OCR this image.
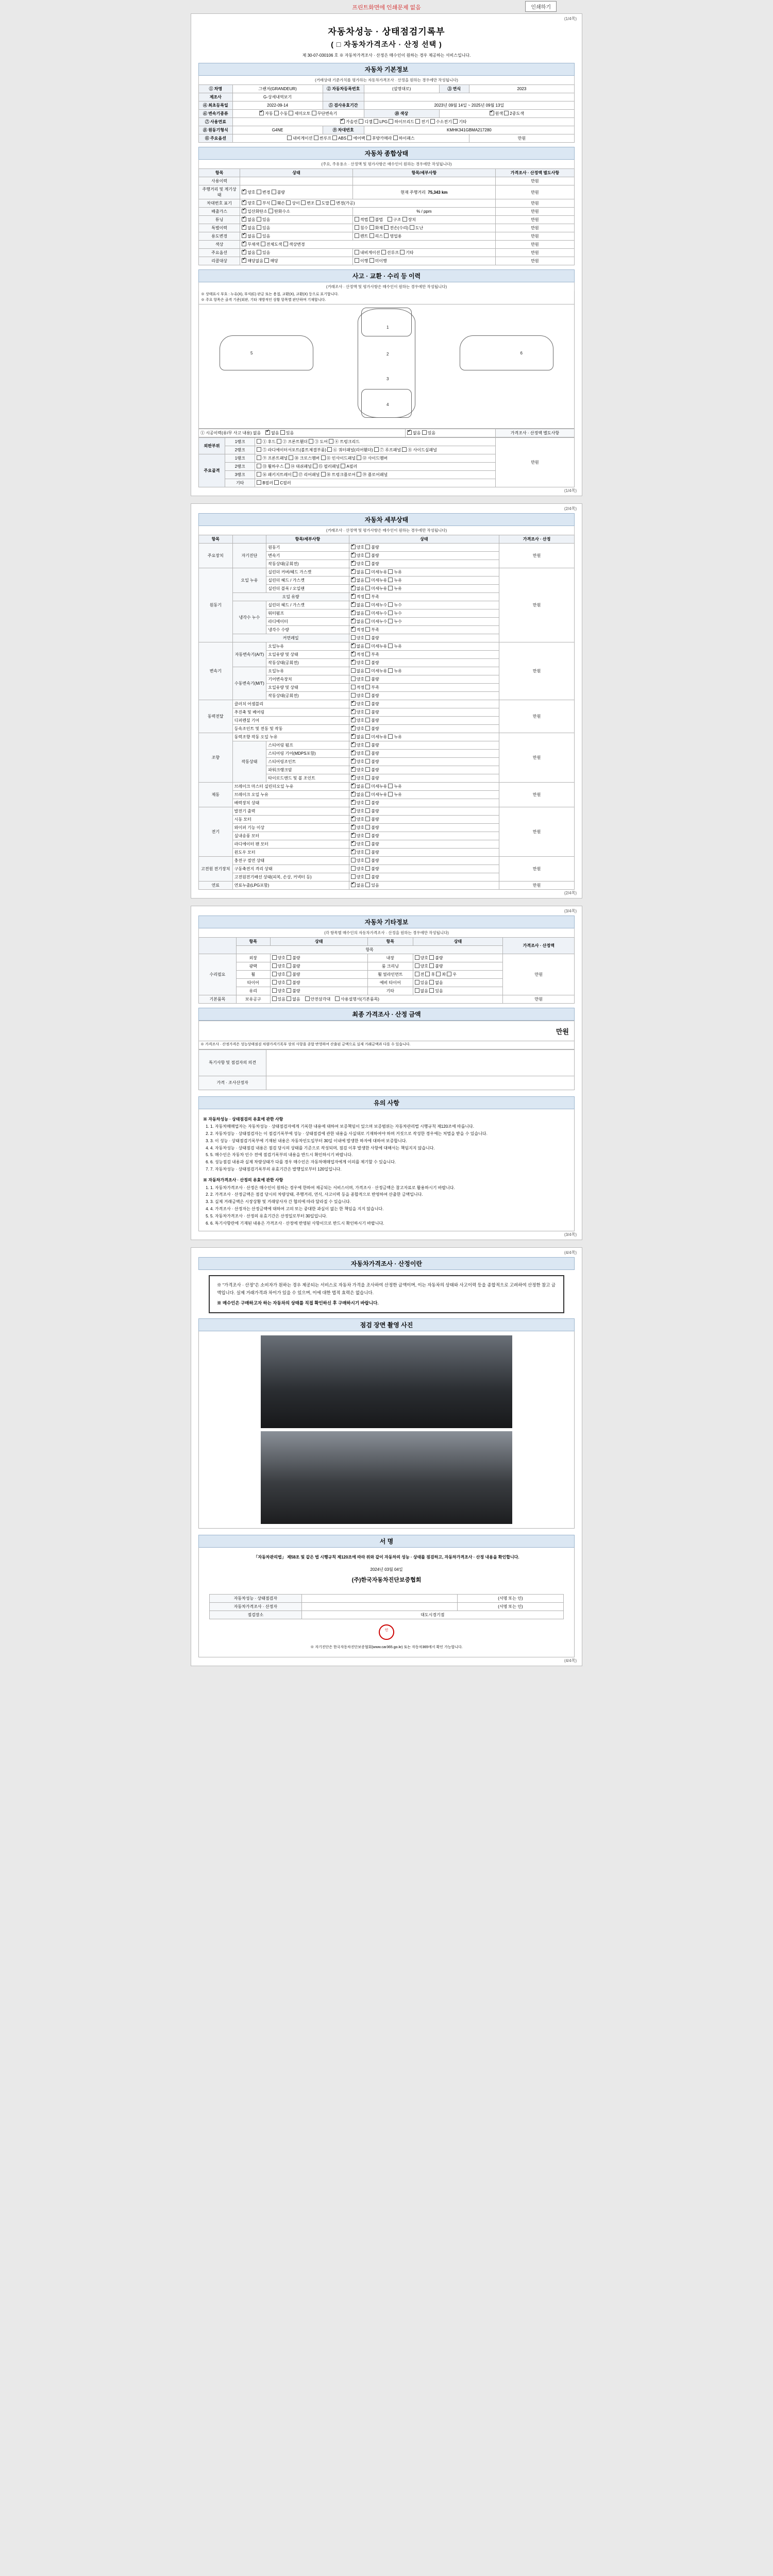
프린트화면에 인쇄문제 없음	인쇄하기
(1/4쪽)
자동차성능 · 상태점검기록부
( □ 자동차가격조사 · 산정 선택 )
제 30-07-030106 호 ※ 자동차가격조사 · 산정은 매수인이 원하는 경우 제공하는 서비스입니다.
자동차 기본정보
(거래상대 기준가치를 평가하는 자동차가격조사 · 산정을 원하는 경우에만 작성됩니다)
① 차명	그랜저(GRANDEUR)	② 자동차등록번호	(설명대로)	③ 연식	2023
제조사	G-상세내역보기				
④ 최초등록일	2022-09-14	⑤ 검사유효기간	2023년 09월 14일 ~ 2025년 09월 13일		
⑥ 변속기종류	✔자동 수동 세미오토 무단변속기		⑩ 색상	✔원색 2중도색
⑦ 사용연료	✔가솔린 디젤 LPG 하이브리드 전기 수소전기 기타
⑧ 원동기형식	G4NE	⑨ 차대번호	KMHK341GBMA217280		
⑪ 주요옵션	내비게이션 썬루프 ABS 에어백 후방카메라 하이패스				만원
자동차 종합상태
(주요, 주유용소 · 산정액 및 평가사항은 매수인이 원하는 경우에만 작성됩니다)
항목	상태	항목/세부사항	가격조사 · 산정액 별도사항
사용이력			만원
주행거리 및 계기상태	✔양호 변경 불량	현재 주행거리 75,343 km	만원
차대번호 표기	✔양호 부식 훼손 상이 변조 도말 변경(가공)		만원
배출가스	✔일산화탄소 탄화수소	% / ppm	만원
튜닝	✔없음 있음	적법 불법    구조 장치	만원
특별이력	✔없음 있음	침수 화재 전손(수리) 도난	만원
용도변경	✔없음 있음	렌트 리스 영업용	만원
색상	✔무채색 전체도색 색상변경		만원
주요옵션	✔없음 있음	내비게이션 선루프 기타	만원
리콜대상	✔해당없음 해당	이행 미이행	만원
사고 · 교환 · 수리 등 이력
(거래조사 · 산정액 및 평가사항은 매수인이 원하는 경우에만 작성됩니다)
※ 상태표시 부호 : 누유(X), 부식(C) 판금 또는 용접, 교환(X), 교환(X) 등으로 표기합니다.
※ 주요 항목은 골격 기준(외판, 기타 개방적인 상황 항목별 판단하며 기재합니다.
1
2
3
4
5	6
① 시공이력(유/무 사고 내용) 없음 ✔ 없음 있음	✔없음 있음	가격조사 · 산정액 별도사항
외판부위	1랭크	① 후드 ② 프론트휀더 ③ 도어 ④ 트렁크리드	만원
	2랭크	⑤ 라디에이터서포트(볼트체결부품) ⑥ 쿼터패널(리어휀더) ⑦ 루프패널 ⑧ 사이드실패널	
주요골격	1랭크	⑨ 프론트패널 ⑩ 크로스멤버 ⑪ 인사이드패널 ⑫ 사이드멤버	
	2랭크	⑬ 휠하우스 ⑭ 대쉬패널 ⑮ 필러패널 A필러	
	3랭크	⑯ 패키지트레이 ⑰ 리어패널 ⑱ 트렁크플로어 ⑲ 플로어패널	
	기타	B필러 C필러	
(1/4쪽)
(2/4쪽)
자동차 세부상태
(거래조사 · 산정액 및 평가사항은 매수인이 원하는 경우에만 작성됩니다)
항목		항목/세부사항	상태	가격조사 · 산정
주요장치	자기진단	원동기	✔양호 불량	만원
		변속기	✔양호 불량
		작동상태(공회전)	✔양호 불량
원동기	오일 누유	실린더 커버/헤드 가스켓	✔없음 미세누유 누유	만원
		실린더 헤드 / 가스켓	✔없음 미세누유 누유
		실린더 블록 / 오일팬	✔없음 미세누유 누유
	오일 유량	✔적정 부족
	냉각수 누수	실린더 헤드 / 가스켓	✔없음 미세누수 누수
		워터펌프	✔없음 미세누수 누수
		라디에이터	✔없음 미세누수 누수
		냉각수 수량	✔적정 부족
	커먼레일		양호 불량	
변속기	자동변속기(A/T)	오일누유	✔없음 미세누유 누유	만원
		오일유량 및 상태	✔적정 부족
		작동상태(공회전)	✔양호 불량
	수동변속기(M/T)	오일누유	없음 미세누유 누유	
		기어변속장치	양호 불량	
		오일유량 및 상태	적정 부족	
		작동상태(공회전)	양호 불량	
동력전달	클러치 어셈블리	✔양호 불량	만원
	추진축 및 베어링	✔양호 불량
	디퍼렌셜 기어	✔양호 불량
	등속조인트 및 전동 및 작동	✔양호 불량
조향	동력조향 작동 오일 누유	✔없음 미세누유 누유	만원
	작동상태	스티어링 펌프	✔양호 불량
		스티어링 기어(MDPS포함)	✔양호 불량
		스티어링조인트	✔양호 불량
		파워크랭크암	✔양호 불량
		타이로드엔드 및 볼 조인트	✔양호 불량
제동	브레이크 마스터 실린더오일 누유	✔없음 미세누유 누유	만원
	브레이크 오일 누유	✔없음 미세누유 누유
	배력장치 상태	✔양호 불량
전기	발전기 출력	✔양호 불량	만원
	시동 모터	✔양호 불량
	와이퍼 기능 이상	✔양호 불량
	실내송풍 모터	✔양호 불량
	라디에이터 팬 모터	✔양호 불량
	윈도우 모터	✔양호 불량
고전원 전기장치	충전구 절연 상태		양호 불량	만원
	구동축전지 격리 상태		양호 불량	
	고전원전기배선 상태(피복, 손상, 커넥터 등)		양호 불량	
연료	연료누출(LPG포함)	✔없음 있음	만원
(2/4쪽)
(3/4쪽)
자동차 기타정보
(각 항목별 매수인의 자동차가격조사 · 산정을 원하는 경우에만 작성됩니다)
	항목	상태	항목	상태	가격조사 · 산정액
	항목				
수리필요	외장	양호 불량	내장	양호 불량	만원
	광택	양호 불량	룸 크리닝	양호 불량	
	휠	양호 불량	휠 얼라인먼트	전 후 좌 우	
	타이어	양호 불량	예비 타이어	있음 없음	
	유리	양호 불량	기타	없음 있음	
기본품목	보유공구	있음 없음    안전삼각대 사용설명서(기본품목)			만원
최종 가격조사 · 산정 금액
만원
※ 가격조사 · 산정가격은 성능상태점검 차량가격기록부 상의 사항을 종합 반영하여 산출된 금액으로 실제 거래금액과 다를 수 있습니다.
특기사항 및 점검자의 의견	
가격 · 조사산정자	
유의 사항

※ 자동차성능 · 상태점검의 유효에 관한 사항

1. 1. 자동차매매업자는 자동차성능 · 상태점검자에게 기록한 내용에 대하여 보증책임이 있으며 보증범위는 자동차관리법 시행규칙 제120조에 따릅니다.
2. 2. 자동차성능 · 상태점검자는 이 점검기록부에 성능 · 상태점검에 관한 내용을 사실대로 기재하여야 하며 거짓으로 작성한 경우에는 처벌을 받을 수 있습니다.
3. 3. 이 성능 · 상태점검기록부에 기재된 내용은 자동차인도일부터 30일 이내에 발생한 하자에 대하여 보증합니다.
4. 4. 자동차성능 · 상태점검 내용은 점검 당시의 상태를 기준으로 작성되며, 점검 이후 발생한 사항에 대해서는 책임지지 않습니다.
5. 5. 매수인은 자동차 인수 전에 점검기록부의 내용을 반드시 확인하시기 바랍니다.
6. 6. 성능점검 내용과 실제 차량상태가 다를 경우 매수인은 자동차매매업자에게 이의를 제기할 수 있습니다.
7. 7. 자동차성능 · 상태점검기록부의 유효기간은 발행일로부터 120일입니다.

※ 자동차가격조사 · 산정의 유효에 관한 사항

1. 1. 자동차가격조사 · 산정은 매수인이 원하는 경우에 한하여 제공되는 서비스이며, 가격조사 · 산정금액은 참고자료로 활용하시기 바랍니다.
2. 2. 가격조사 · 산정금액은 점검 당시의 차량상태, 주행거리, 연식, 사고이력 등을 종합적으로 반영하여 산출한 금액입니다.
3. 3. 실제 거래금액은 시장상황 및 거래당사자 간 협의에 따라 달라질 수 있습니다.
4. 4. 가격조사 · 산정자는 산정금액에 대하여 고의 또는 중대한 과실이 없는 한 책임을 지지 않습니다.
5. 5. 자동차가격조사 · 산정의 유효기간은 산정일로부터 30일입니다.
6. 6. 특기사항란에 기재된 내용은 가격조사 · 산정에 반영된 사항이므로 반드시 확인하시기 바랍니다.
(3/4쪽)
(4/4쪽)
자동차가격조사 · 산정이란
※ "가격조사 · 산정"은 소비자가 원하는 경우 제공되는 서비스로 자동차 가격을 조사하여 산정한 금액이며, 이는 자동차의 상태와 사고이력 등을 종합적으로 고려하여 산정한 참고 금액입니다. 실제 거래가격과 차이가 있을 수 있으며, 이에 대한 법적 효력은 없습니다.
※ 매수인은 구매하고자 하는 자동차의 상태를 직접 확인하신 후 구매하시기 바랍니다.
점검 장면 촬영 사진
서 명
「자동차관리법」 제58조 및 같은 법 시행규칙 제120조에 따라 위와 같이 자동차의 성능 · 상태를 점검하고, 자동차가격조사 · 산정 내용을 확인합니다.
2024년 03월 04일
(주)한국자동차진단보증협회
자동차성능 · 상태점검자		(서명 또는 인)
자동차가격조사 · 산정자		(서명 또는 인)
점검장소	대도시경기점	
인
※ 자기진단은 한국자동차진단보증협회(www.car365.go.kr) 또는 자동차365에서 확인 가능합니다.
(4/4쪽)
